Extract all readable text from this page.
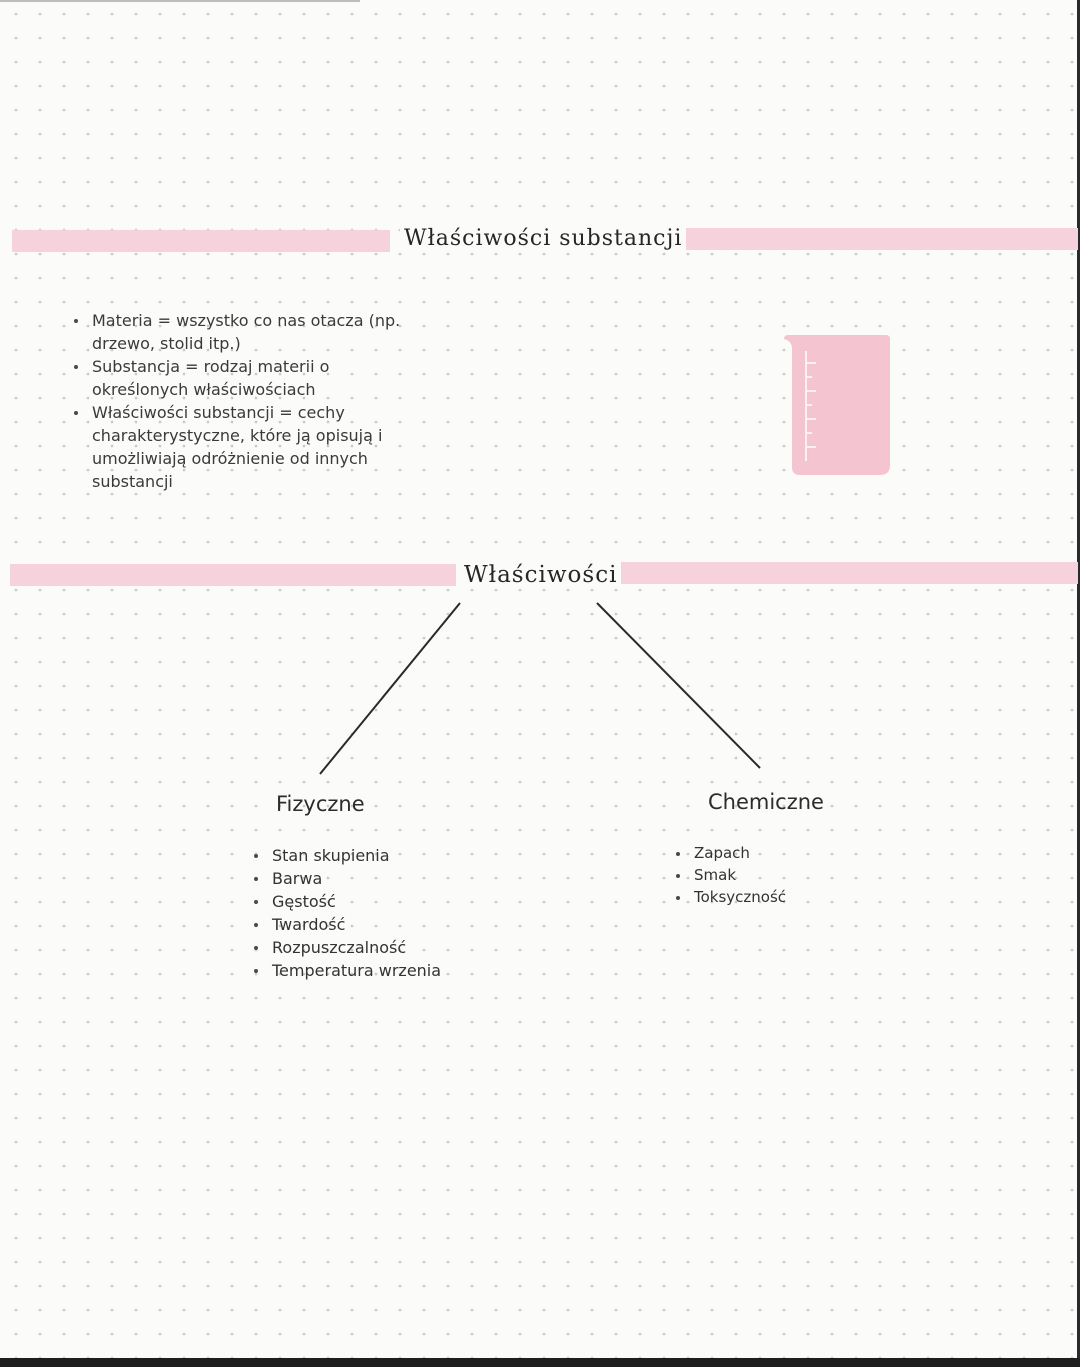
Właściwości substancji
Materia = wszystko co nas otacza (np. drzewo, stolid itp.)
Substancja = rodzaj materii o określonych właściwościach
Właściwości substancji = cechy charakterystyczne, które ją opisują i umożliwiają odróżnienie od innych substancji
Właściwości
Fizyczne
Stan skupienia
Barwa
Gęstość
Twardość
Rozpuszczalność
Temperatura wrzenia
Chemiczne
Zapach
Smak
Toksyczność
